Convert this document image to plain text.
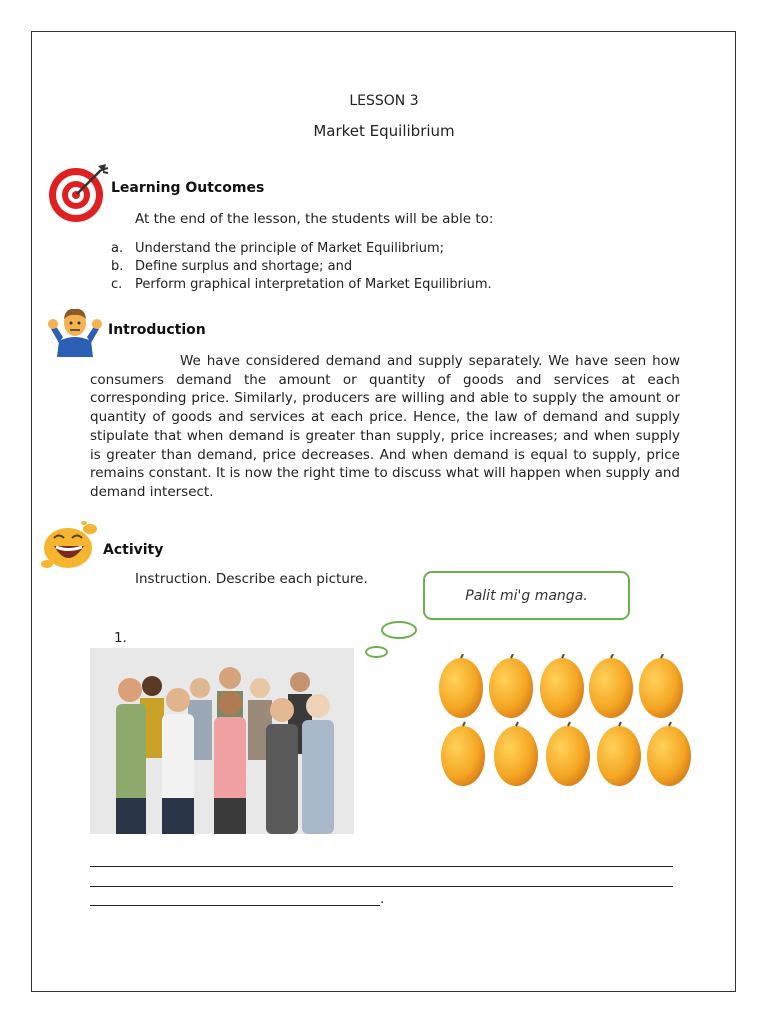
LESSON 3
Market Equilibrium
Learning Outcomes
At the end of the lesson, the students will be able to:
a. Understand the principle of Market Equilibrium;
b. Define surplus and shortage; and
c. Perform graphical interpretation of Market Equilibrium.
Introduction
We have considered demand and supply separately. We have seen how consumers demand the amount or quantity of goods and services at each corresponding price. Similarly, producers are willing and able to supply the amount or quantity of goods and services at each price. Hence, the law of demand and supply stipulate that when demand is greater than supply, price increases; and when supply is greater than demand, price decreases. And when demand is equal to supply, price remains constant. It is now the right time to discuss what will happen when supply and demand intersect.
Activity
Instruction. Describe each picture.
Palit mi'g manga.
1.
.
